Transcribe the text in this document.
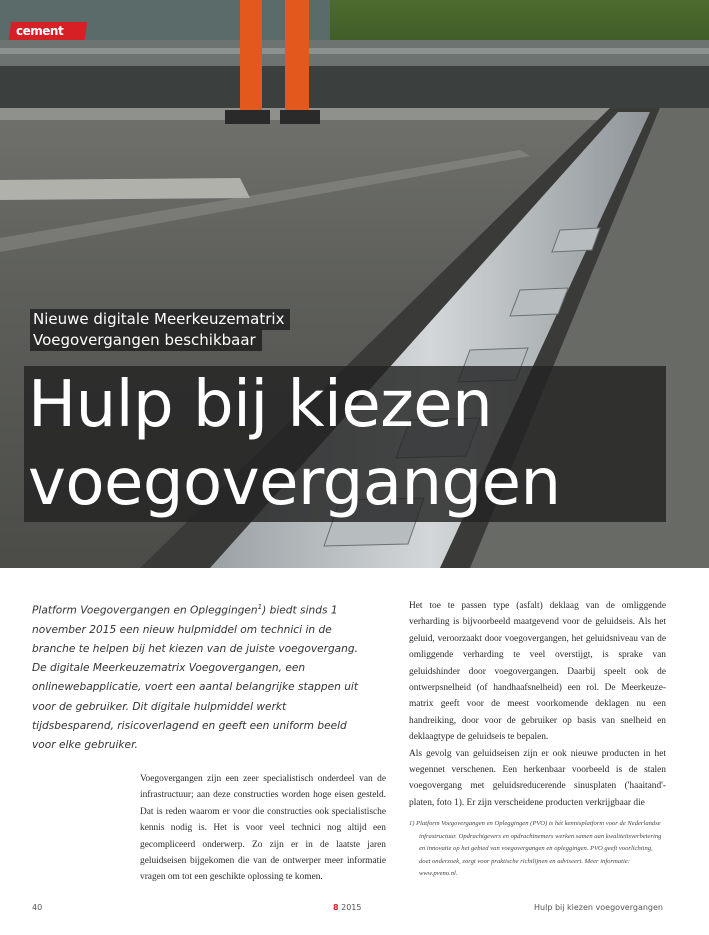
cement
Nieuwe digitale Meerkeuzematrix
Voegovergangen beschikbaar
Hulp bij kiezen
voegovergangen
Platform Voegovergangen en Opleggingen$^1$) biedt sinds 1 november 2015 een nieuw hulpmiddel om technici in de branche te helpen bij het kiezen van de juiste voegovergang. De digitale Meerkeuzematrix Voegovergangen, een onlinewebapplicatie, voert een aantal belangrijke stappen uit voor de gebruiker. Dit digitale hulpmiddel werkt tijdsbesparend, risicoverlagend en geeft een uniform beeld voor elke gebruiker.

Voegovergangen zijn een zeer specialistisch onderdeel van de infrastructuur; aan deze constructies worden hoge eisen gesteld. Dat is reden waarom er voor die constructies ook specialistische kennis nodig is. Het is voor veel technici nog altijd een gecompliceerd onderwerp. Zo zijn er in de laatste jaren geluidseisen bijgekomen die van de ontwerper meer informatie vragen om tot een geschikte oplossing te komen.

Het toe te passen type (asfalt) deklaag van de omliggende verharding is bijvoorbeeld maatgevend voor de geluidseis. Als het geluid, veroorzaakt door voegovergangen, het geluidsniveau van de omliggende verharding te veel overstijgt, is sprake van geluidshinder door voegovergangen. Daarbij speelt ook de ontwerpsnelheid (of handhaafsnelheid) een rol. De Meerkeuzematrix geeft voor de meest voorkomende deklagen nu een handreiking, door voor de gebruiker op basis van snelheid en deklaagtype de geluidseis te bepalen.

Als gevolg van geluidseisen zijn er ook nieuwe producten in het wegennet verschenen. Een herkenbaar voorbeeld is de stalen voegovergang met geluidsreducerende sinusplaten ('haaitand'-platen, foto 1). Er zijn verscheidene producten verkrijgbaar die

1) Platform Voegovergangen en Opleggingen (PVO) is hét kennisplatform voor de Nederlandse infrastructuur. Opdrachtgevers en opdrachtnemers werken samen aan kwaliteitsverbetering en innovatie op het gebied van voegovergangen en opleggingen. PVO geeft voorlichting, doet onderzoek, zorgt voor praktische richtlijnen en adviseert. Meer informatie: www.pveno.nl.

40	8 2015	Hulp bij kiezen voegovergangen
